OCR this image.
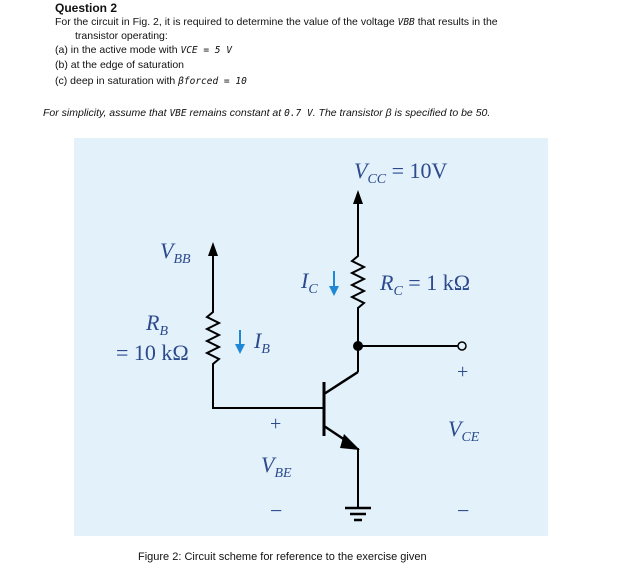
Question 2
For the circuit in Fig. 2, it is required to determine the value of the voltage VBB that results in the
transistor operating:
(a) in the active mode with VCE = 5 V
(b) at the edge of saturation
(c) deep in saturation with βforced = 10
For simplicity, assume that VBE remains constant at 0.7 V. The transistor β is specified to be 50.
$V_{CC} = 10V$
$V_{BB}$
$I_C$	$R_C = 1$ kΩ
$R_B$
= 10 kΩ	$I_B$
+
$V_{CE}$
−
+
$V_{BE}$
−
Figure 2: Circuit scheme for reference to the exercise given
